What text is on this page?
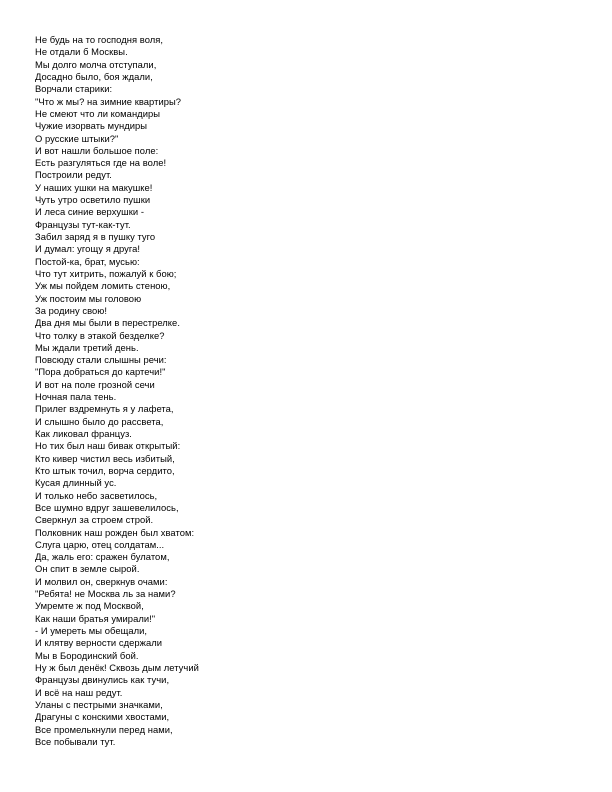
Не будь на то господня воля,
Не отдали б Москвы.
Мы долго молча отступали,
Досадно было, боя ждали,
Ворчали старики:
"Что ж мы? на зимние квартиры?
Не смеют что ли командиры
Чужие изорвать мундиры
О русские штыки?"
И вот нашли большое поле:
Есть разгуляться где на воле!
Построили редут.
У наших ушки на макушке!
Чуть утро осветило пушки
И леса синие верхушки -
Французы тут-как-тут.
Забил заряд я в пушку туго
И думал: угощу я друга!
Постой-ка, брат, мусью:
Что тут хитрить, пожалуй к бою;
Уж мы пойдем ломить стеною,
Уж постоим мы головою
За родину свою!
Два дня мы были в перестрелке.
Что толку в этакой безделке?
Мы ждали третий день.
Повсюду стали слышны речи:
"Пора добраться до картечи!"
И вот на поле грозной сечи
Ночная пала тень.
Прилег вздремнуть я у лафета,
И слышно было до рассвета,
Как ликовал француз.
Но тих был наш бивак открытый:
Кто кивер чистил весь избитый,
Кто штык точил, ворча сердито,
Кусая длинный ус.
И только небо засветилось,
Все шумно вдруг зашевелилось,
Сверкнул за строем строй.
Полковник наш рожден был хватом:
Слуга царю, отец солдатам...
Да, жаль его: сражен булатом,
Он спит в земле сырой.
И молвил он, сверкнув очами:
"Ребята! не Москва ль за нами?
Умремте ж под Москвой,
Как наши братья умирали!"
- И умереть мы обещали,
И клятву верности сдержали
Мы в Бородинский бой.
Ну ж был денёк! Сквозь дым летучий
Французы двинулись как тучи,
И всё на наш редут.
Уланы с пестрыми значками,
Драгуны с конскими хвостами,
Все промелькнули перед нами,
Все побывали тут.
